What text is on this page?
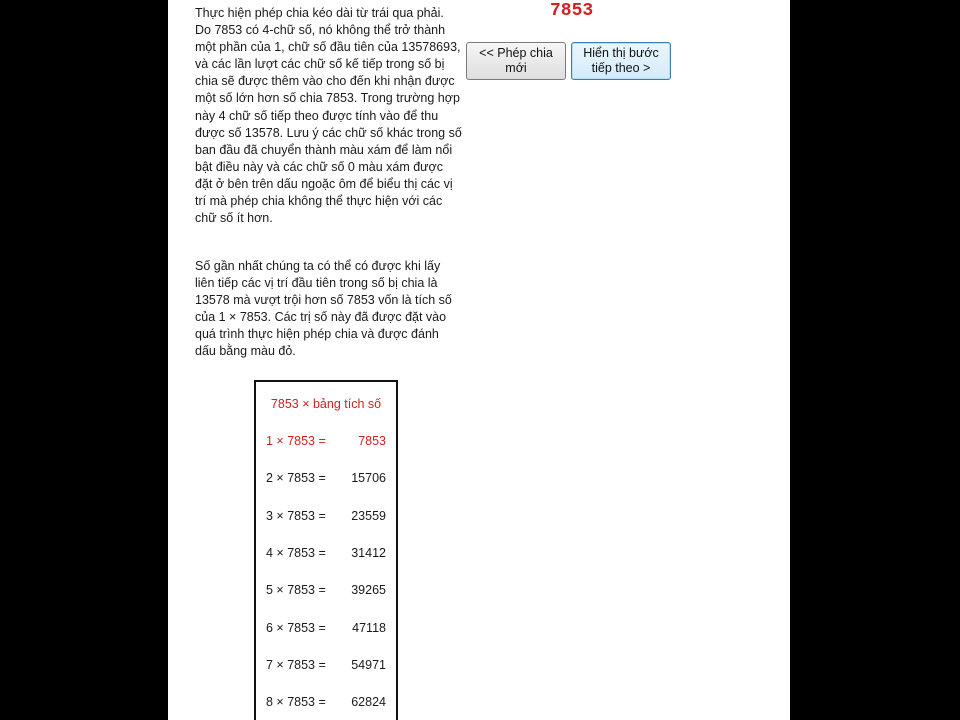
Thực hiện phép chia kéo dài từ trái qua phải. Do 7853 có 4-chữ số, nó không thể trở thành một phần của 1, chữ số đầu tiên của 13578693, và các lần lượt các chữ số kế tiếp trong số bị chia sẽ được thêm vào cho đến khi nhận được một số lớn hơn số chia 7853. Trong trường hợp này 4 chữ số tiếp theo được tính vào để thu được số 13578. Lưu ý các chữ số khác trong số ban đầu đã chuyển thành màu xám để làm nổi bật điều này và các chữ số 0 màu xám được đặt ở bên trên dấu ngoặc ôm để biểu thị các vị trí mà phép chia không thể thực hiện với các chữ số ít hơn.

Số gần nhất chúng ta có thể có được khi lấy liên tiếp các vị trí đầu tiên trong số bị chia là 13578 mà vượt trội hơn số 7853 vốn là tích số của 1 × 7853. Các trị số này đã được đặt vào quá trình thực hiện phép chia và được đánh dấu bằng màu đỏ.

7853
<< Phép chia mới
Hiển thị bước tiếp theo >
7853 × bảng tích số
1 × 7853 =	7853
2 × 7853 = 15706
3 × 7853 = 23559
4 × 7853 = 31412
5 × 7853 = 39265
6 × 7853 = 47118
7 × 7853 = 54971
8 × 7853 = 62824
